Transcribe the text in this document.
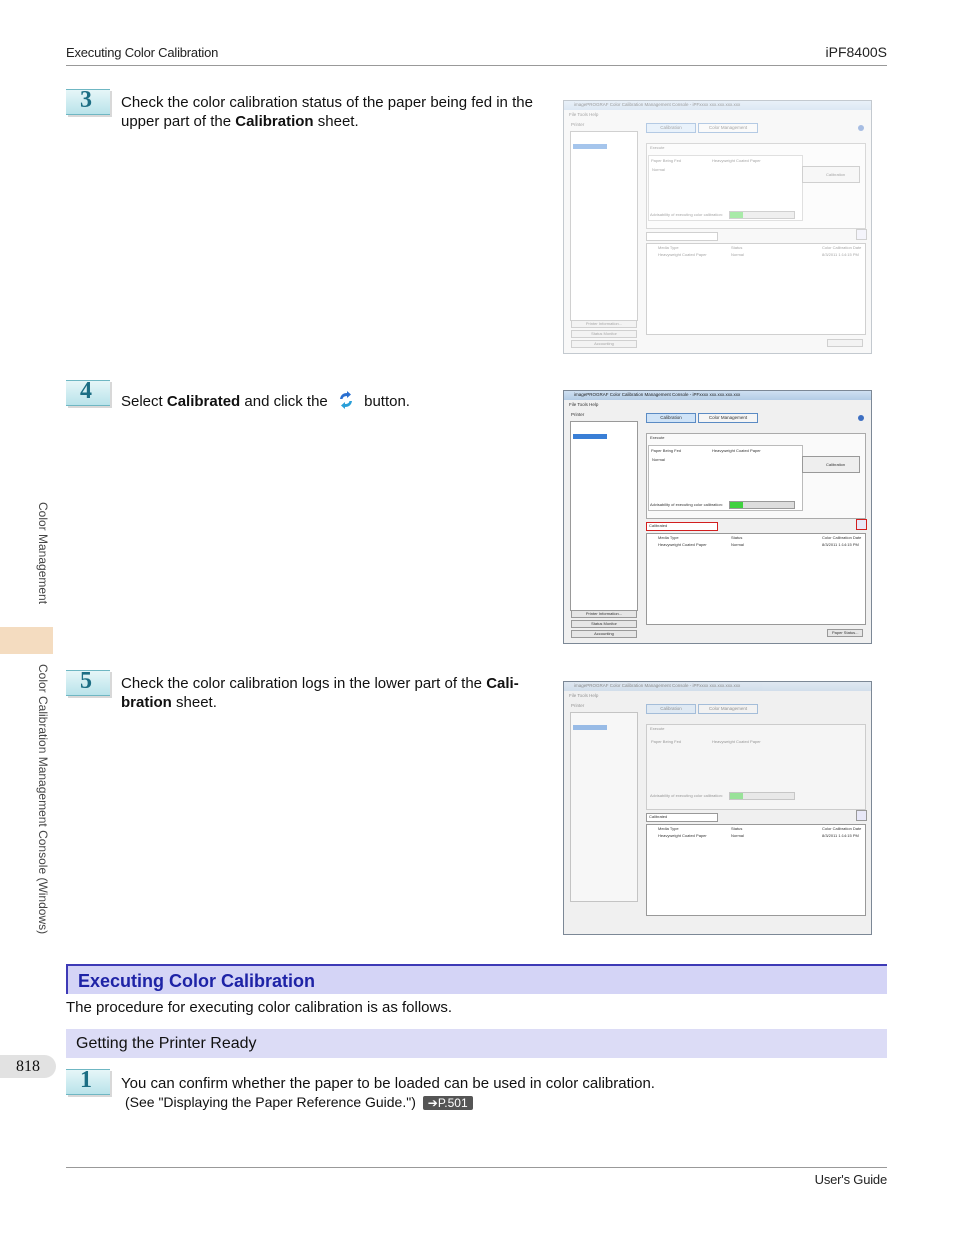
Executing Color Calibration	iPF8400S
User's Guide
Color Management
Color Calibration Management Console (Windows)
818
3 Check the color calibration status of the paper being fed in the upper part of the Calibration sheet.
4 Select Calibrated and click the  button.
5 Check the color calibration logs in the lower part of the Cali-bration sheet.
imagePROGRAF Color Calibration Management Console - iPFxxxx xxx.xxx.xxx.xxx
File Tools Help
Printer
Printer Information...
Status Monitor
Accounting
Calibration	Color Management
Execute
Paper Being Fed	Heavyweight Coated Paper
Normal
Calibration
Advisability of executing color calibration:
Media Type	Status	Color Calibration Date
Heavyweight Coated Paper	Normal	8/3/2011 1:14:15 PM
imagePROGRAF Color Calibration Management Console - iPFxxxx xxx.xxx.xxx.xxx
File Tools Help
Printer
Printer Information...
Status Monitor
Accounting
Calibration	Color Management
Execute
Paper Being Fed	Heavyweight Coated Paper
Normal
Calibration
Advisability of executing color calibration:
Calibrated
Media Type	Status	Color Calibration Date
Heavyweight Coated Paper	Normal	8/3/2011 1:14:15 PM
Paper Status...
imagePROGRAF Color Calibration Management Console - iPFxxxx xxx.xxx.xxx.xxx
File Tools Help
Printer
Calibration	Color Management
Execute
Paper Being Fed	Heavyweight Coated Paper
Advisability of executing color calibration:
Calibrated
Media Type	Status	Color Calibration Date
Heavyweight Coated Paper	Normal	8/3/2011 1:14:15 PM
Executing Color Calibration
The procedure for executing color calibration is as follows.
Getting the Printer Ready
1 You can confirm whether the paper to be loaded can be used in color calibration.
(See "Displaying the Paper Reference Guide.") ➔P.501
